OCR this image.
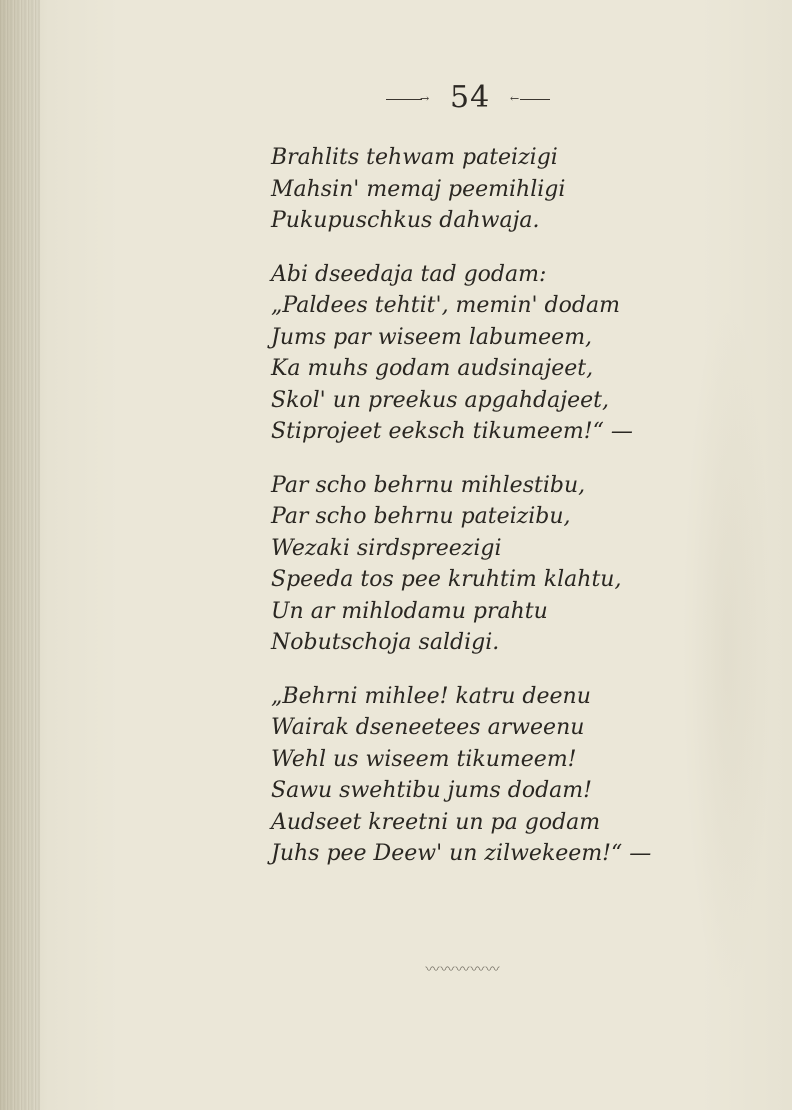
→ 54 ←
Brahlits tehwam pateizigi
Mahsin' memaj peemihligi
Pukupuschkus dahwaja.
Abi dseedaja tad godam:
„Paldees tehtit', memin' dodam
Jums par wiseem labumeem,
Ka muhs godam audsinajeet,
Skol' un preekus apgahdajeet,
Stiprojeet eeksch tikumeem!“ —
Par scho behrnu mihlestibu,
Par scho behrnu pateizibu,
Wezaki sirdspreezigi
Speeda tos pee kruhtim klahtu,
Un ar mihlodamu prahtu
Nobutschoja saldigi.
„Behrni mihlee! katru deenu
Wairak dseneetees arweenu
Wehl us wiseem tikumeem!
Sawu swehtibu jums dodam!
Audseet kreetni un pa godam
Juhs pee Deew' un zilwekeem!“ —
〰〰〰〰〰
